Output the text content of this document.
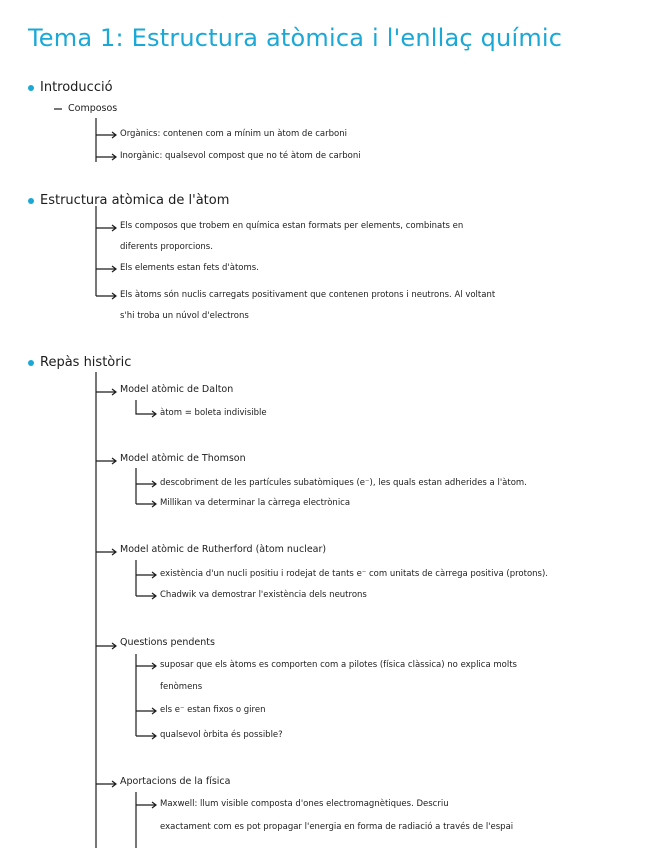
Tema 1: Estructura atòmica i l'enllaç químic
Introducció
Composos
Orgànics: contenen com a mínim un àtom de carboni
Inorgànic: qualsevol compost que no té àtom de carboni
Estructura atòmica de l'àtom
Els composos que trobem en química estan formats per elements, combinats en
diferents proporcions.
Els elements estan fets d'àtoms.
Els àtoms són nuclis carregats positivament que contenen protons i neutrons. Al voltant
s'hi troba un núvol d'electrons
Repàs històric
Model atòmic de Dalton
àtom = boleta indivisible
Model atòmic de Thomson
descobriment de les partícules subatòmiques (e⁻), les quals estan adherides a l'àtom.
Millikan va determinar la càrrega electrònica
Model atòmic de Rutherford (àtom nuclear)
existència d'un nucli positiu i rodejat de tants e⁻ com unitats de càrrega positiva (protons).
Chadwik va demostrar l'existència dels neutrons
Questions pendents
suposar que els àtoms es comporten com a pilotes (física clàssica) no explica molts
fenòmens
els e⁻ estan fixos o giren
qualsevol òrbita és possible?
Aportacions de la física
Maxwell: llum visible composta d'ones electromagnètiques. Descriu
exactament com es pot propagar l'energia en forma de radiació a través de l'espai
